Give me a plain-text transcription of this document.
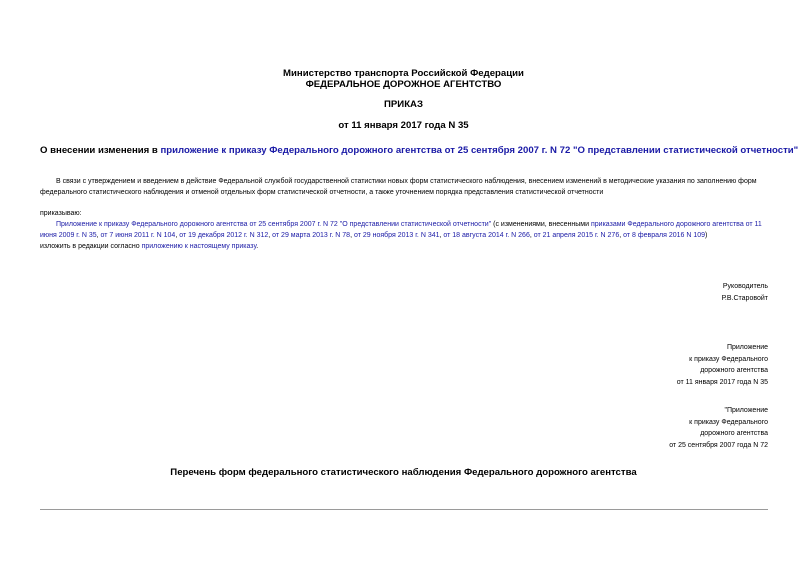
Министерство транспорта Российской Федерации
ФЕДЕРАЛЬНОЕ ДОРОЖНОЕ АГЕНТСТВО
ПРИКАЗ
от 11 января 2017 года N 35
О внесении изменения в приложение к приказу Федерального дорожного агентства от 25 сентября 2007 г. N 72 "О представлении статистической отчетности"

В связи с утверждением и введением в действие Федеральной службой государственной статистики новых форм статистического наблюдения, внесением изменений в методические указания по заполнению форм федерального статистического наблюдения и отменой отдельных форм статистической отчетности, а также уточнением порядка представления статистической отчетности

приказываю:

Приложение к приказу Федерального дорожного агентства от 25 сентября 2007 г. N 72 "О представлении статистической отчетности" (с изменениями, внесенными приказами Федерального дорожного агентства от 11 июня 2009 г. N 35, от 7 июня 2011 г. N 104, от 19 декабря 2012 г. N 312, от 29 марта 2013 г. N 78, от 29 ноября 2013 г. N 341, от 18 августа 2014 г. N 266, от 21 апреля 2015 г. N 276, от 8 февраля 2016 N 109)

изложить в редакции согласно приложению к настоящему приказу.

Руководитель
Р.В.Старовойт
Приложение
к приказу Федерального
дорожного агентства
от 11 января 2017 года N 35
"Приложение
к приказу Федерального
дорожного агентства
от 25 сентября 2007 года N 72
Перечень форм федерального статистического наблюдения Федерального дорожного агентства
